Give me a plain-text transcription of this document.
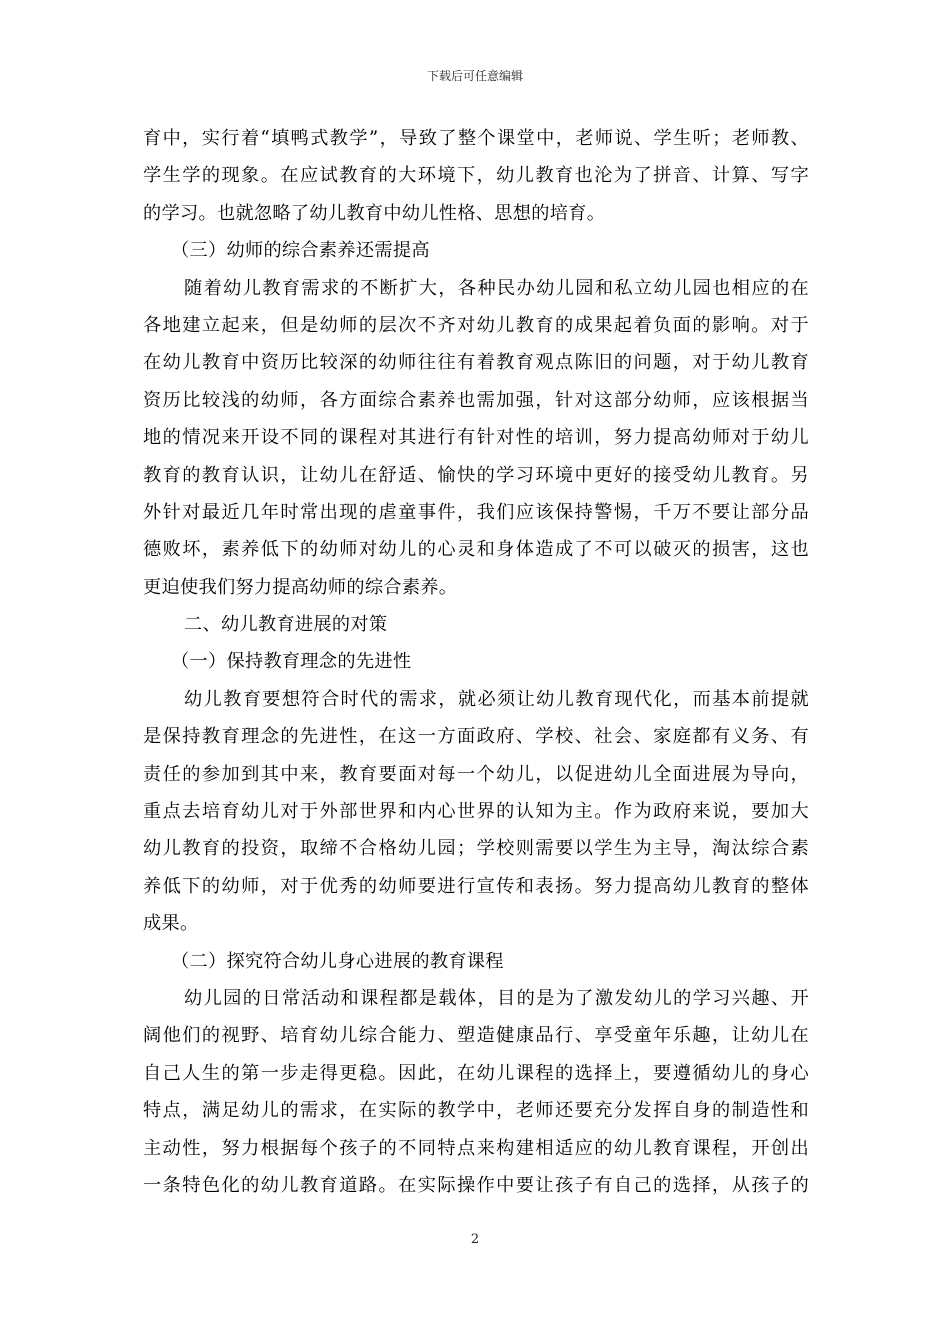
下载后可任意编辑
育中，实行着“填鸭式教学”，导致了整个课堂中，老师说、学生听；老师教、
学生学的现象。在应试教育的大环境下，幼儿教育也沦为了拼音、计算、写字
的学习。也就忽略了幼儿教育中幼儿性格、思想的培育。
（三）幼师的综合素养还需提高
随着幼儿教育需求的不断扩大，各种民办幼儿园和私立幼儿园也相应的在
各地建立起来，但是幼师的层次不齐对幼儿教育的成果起着负面的影响。对于
在幼儿教育中资历比较深的幼师往往有着教育观点陈旧的问题，对于幼儿教育
资历比较浅的幼师，各方面综合素养也需加强，针对这部分幼师，应该根据当
地的情况来开设不同的课程对其进行有针对性的培训，努力提高幼师对于幼儿
教育的教育认识，让幼儿在舒适、愉快的学习环境中更好的接受幼儿教育。另
外针对最近几年时常出现的虐童事件，我们应该保持警惕，千万不要让部分品
德败坏，素养低下的幼师对幼儿的心灵和身体造成了不可以破灭的损害，这也
更迫使我们努力提高幼师的综合素养。
二、幼儿教育进展的对策
（一）保持教育理念的先进性
幼儿教育要想符合时代的需求，就必须让幼儿教育现代化，而基本前提就
是保持教育理念的先进性，在这一方面政府、学校、社会、家庭都有义务、有
责任的参加到其中来，教育要面对每一个幼儿，以促进幼儿全面进展为导向，
重点去培育幼儿对于外部世界和内心世界的认知为主。作为政府来说，要加大
幼儿教育的投资，取缔不合格幼儿园；学校则需要以学生为主导，淘汰综合素
养低下的幼师，对于优秀的幼师要进行宣传和表扬。努力提高幼儿教育的整体
成果。
（二）探究符合幼儿身心进展的教育课程
幼儿园的日常活动和课程都是载体，目的是为了激发幼儿的学习兴趣、开
阔他们的视野、培育幼儿综合能力、塑造健康品行、享受童年乐趣，让幼儿在
自己人生的第一步走得更稳。因此，在幼儿课程的选择上，要遵循幼儿的身心
特点，满足幼儿的需求，在实际的教学中，老师还要充分发挥自身的制造性和
主动性，努力根据每个孩子的不同特点来构建相适应的幼儿教育课程，开创出
一条特色化的幼儿教育道路。在实际操作中要让孩子有自己的选择，从孩子的
2
